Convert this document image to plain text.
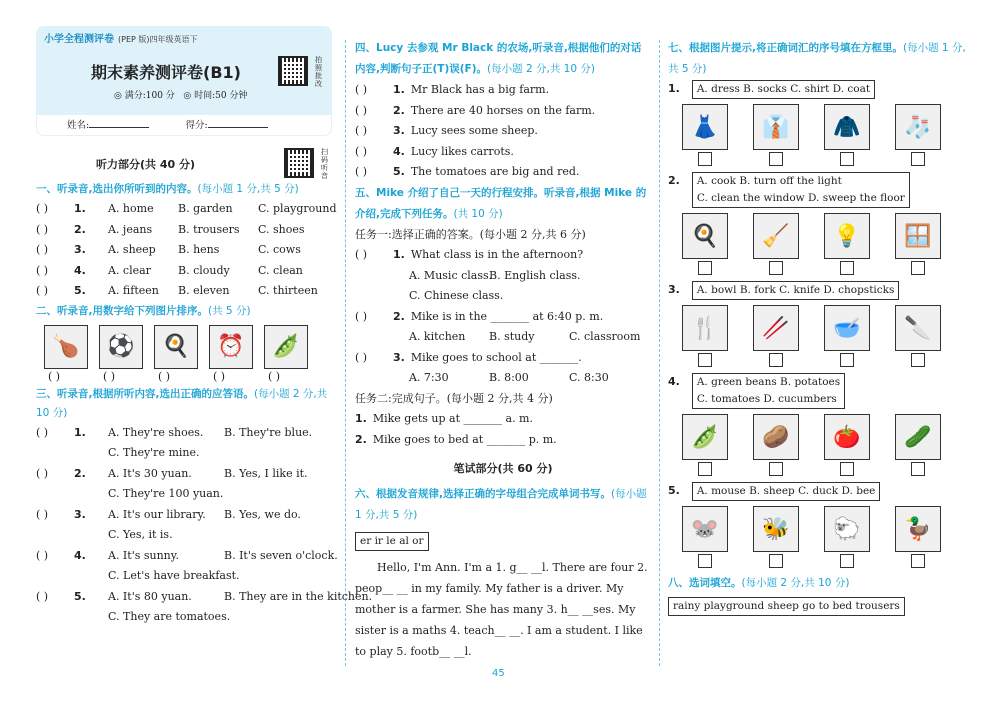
小学全程测评卷 (PEP 版)四年级英语下
期末素养测评卷(B1)
◎ 满分:100 分 ◎ 时间:50 分钟
拍照批改
姓名:	得分:
听力部分(共 40 分)
扫码听音
一、听录音,选出你所听到的内容。(每小题 1 分,共 5 分)
( ) 1. A. home B. garden C. playground
( ) 2. A. jeans B. trousers C. shoes
( ) 3. A. sheep B. hens	C. cows
( ) 4. A. clear B. cloudy	C. clean
( ) 5. A. fifteen B. eleven	C. thirteen
二、听录音,用数字给下列图片排序。(共 5 分)
🍗	⚽	🍳	⏰	🫛
( )	( )	( )	( )	( )
三、听录音,根据所听内容,选出正确的应答语。(每小题 2 分,共 10 分)
( ) 1. A. They're shoes. B. They're blue.
C. They're mine.
( ) 2. A. It's 30 yuan.	B. Yes, I like it.
C. They're 100 yuan.
( ) 3. A. It's our library. B. Yes, we do.
C. Yes, it is.
( ) 4. A. It's sunny.	B. It's seven o'clock.
C. Let's have breakfast.
( ) 5. A. It's 80 yuan.	B. They are in the kitchen.
C. They are tomatoes.
四、Lucy 去参观 Mr Black 的农场,听录音,根据他们的对话内容,判断句子正(T)误(F)。(每小题 2 分,共 10 分)
( ) 1. Mr Black has a big farm.
( ) 2. There are 40 horses on the farm.
( ) 3. Lucy sees some sheep.
( ) 4. Lucy likes carrots.
( ) 5. The tomatoes are big and red.
五、Mike 介绍了自己一天的行程安排。听录音,根据 Mike 的介绍,完成下列任务。(共 10 分)
任务一:选择正确的答案。(每小题 2 分,共 6 分)
( ) 1. What class is in the afternoon?
A. Music class.
B. English class.
C. Chinese class.
( ) 2. Mike is in the _______ at 6:40 p. m.
A. kitchen B. study	C. classroom
( ) 3. Mike goes to school at _______.
A. 7:30	B. 8:00	C. 8:30
任务二:完成句子。(每小题 2 分,共 4 分)
1. Mike gets up at _______ a. m.
2. Mike goes to bed at _______ p. m.
笔试部分(共 60 分)
六、根据发音规律,选择正确的字母组合完成单词书写。(每小题 1 分,共 5 分)
er ir le al or
Hello, I'm Ann. I'm a 1. g__ __l. There are four 2. peop__ __ in my family. My father is a driver. My mother is a farmer. She has many 3. h__ __ses. My sister is a maths 4. teach__ __. I am a student. I like to play 5. footb__ __l.
七、根据图片提示,将正确词汇的序号填在方框里。(每小题 1 分,共 5 分)
1. A. dress B. socks C. shirt D. coat
👗	👔	🧥	🧦
2. A. cook B. turn off the light
C. clean the window D. sweep the floor
🍳	🧹	💡	🪟
3. A. bowl B. fork C. knife D. chopsticks
🍴	🥢	🥣	🔪
4. A. green beans B. potatoes
C. tomatoes D. cucumbers
🫛	🥔	🍅	🥒
5. A. mouse B. sheep C. duck D. bee
🐭	🐝	🐑	🦆
八、选词填空。(每小题 2 分,共 10 分)
rainy playground sheep go to bed trousers
45
